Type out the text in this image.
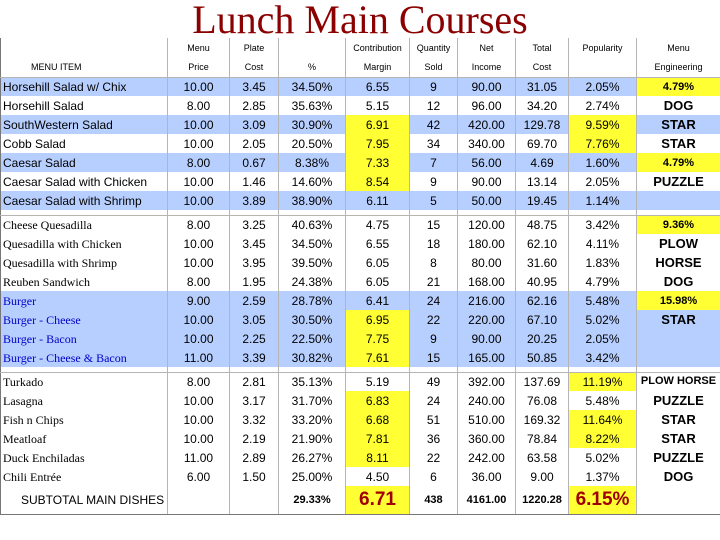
Lunch Main Courses
	Menu	Plate		Contribution	Quantity	Net	Total	Popularity	Menu
MENU ITEM	Price	Cost	%	Margin	Sold	Income	Cost		Engineering
Horsehill Salad w/ Chix	10.00	3.45	34.50%	6.55	9	90.00	31.05	2.05%	4.79%
Horsehill Salad	8.00	2.85	35.63%	5.15	12	96.00	34.20	2.74%	DOG
SouthWestern Salad	10.00	3.09	30.90%	6.91	42	420.00	129.78	9.59%	STAR
Cobb Salad	10.00	2.05	20.50%	7.95	34	340.00	69.70	7.76%	STAR
Caesar Salad	8.00	0.67	8.38%	7.33	7	56.00	4.69	1.60%	4.79%
Caesar Salad with Chicken	10.00	1.46	14.60%	8.54	9	90.00	13.14	2.05%	PUZZLE
Caesar Salad with Shrimp	10.00	3.89	38.90%	6.11	5	50.00	19.45	1.14%	

Cheese Quesadilla	8.00	3.25	40.63%	4.75	15	120.00	48.75	3.42%	9.36%
Quesadilla with Chicken	10.00	3.45	34.50%	6.55	18	180.00	62.10	4.11%	PLOW
Quesadilla with Shrimp	10.00	3.95	39.50%	6.05	8	80.00	31.60	1.83%	HORSE
Reuben Sandwich	8.00	1.95	24.38%	6.05	21	168.00	40.95	4.79%	DOG
Burger	9.00	2.59	28.78%	6.41	24	216.00	62.16	5.48%	15.98%
Burger - Cheese	10.00	3.05	30.50%	6.95	22	220.00	67.10	5.02%	STAR
Burger - Bacon	10.00	2.25	22.50%	7.75	9	90.00	20.25	2.05%	
Burger - Cheese & Bacon	11.00	3.39	30.82%	7.61	15	165.00	50.85	3.42%	

Turkado	8.00	2.81	35.13%	5.19	49	392.00	137.69	11.19%	PLOW HORSE
Lasagna	10.00	3.17	31.70%	6.83	24	240.00	76.08	5.48%	PUZZLE
Fish n Chips	10.00	3.32	33.20%	6.68	51	510.00	169.32	11.64%	STAR
Meatloaf	10.00	2.19	21.90%	7.81	36	360.00	78.84	8.22%	STAR
Duck Enchiladas	11.00	2.89	26.27%	8.11	22	242.00	63.58	5.02%	PUZZLE
Chili Entrée	6.00	1.50	25.00%	4.50	6	36.00	9.00	1.37%	DOG
SUBTOTAL MAIN DISHES			29.33%	6.71	438	4161.00	1220.28	6.15%	
